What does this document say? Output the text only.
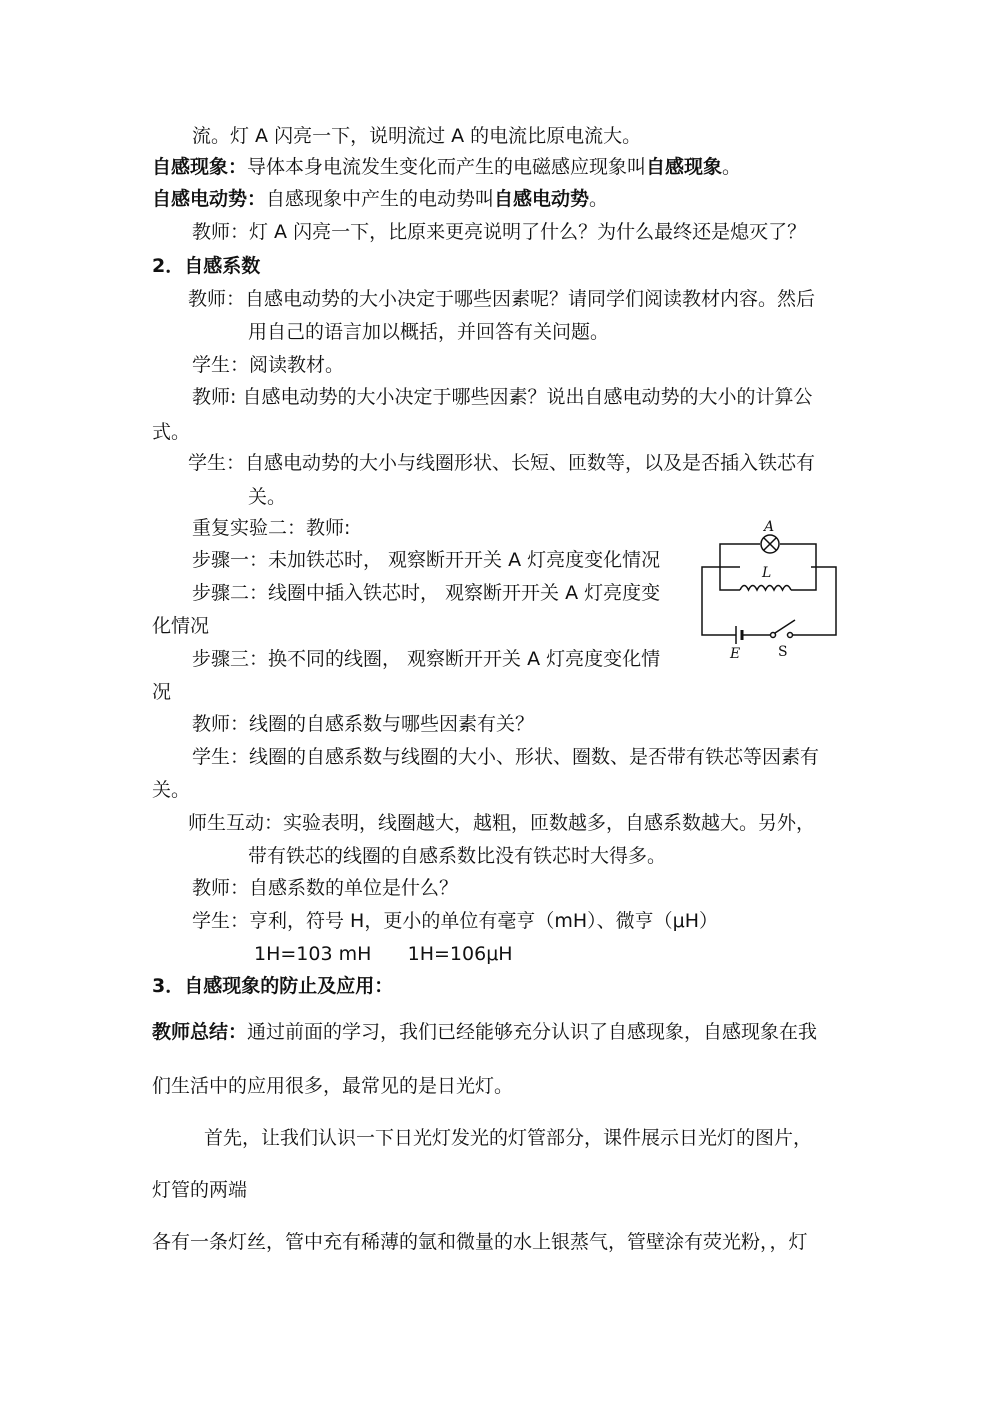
流。灯 A 闪亮一下，说明流过 A 的电流比原电流大。
自感现象：导体本身电流发生变化而产生的电磁感应现象叫自感现象。
自感电动势：自感现象中产生的电动势叫自感电动势。
教师：灯 A 闪亮一下，比原来更亮说明了什么？为什么最终还是熄灭了？
2．自感系数
教师：自感电动势的大小决定于哪些因素呢？请同学们阅读教材内容。然后
用自己的语言加以概括，并回答有关问题。
学生：阅读教材。
教师: 自感电动势的大小决定于哪些因素？说出自感电动势的大小的计算公
式。
学生：自感电动势的大小与线圈形状、长短、匝数等，以及是否插入铁芯有
关。
重复实验二：教师:
步骤一：未加铁芯时， 观察断开开关 A 灯亮度变化情况
步骤二：线圈中插入铁芯时， 观察断开开关 A 灯亮度变
化情况
步骤三：换不同的线圈， 观察断开开关 A 灯亮度变化情
况
教师：线圈的自感系数与哪些因素有关？
学生：线圈的自感系数与线圈的大小、形状、圈数、是否带有铁芯等因素有
关。
师生互动：实验表明，线圈越大，越粗，匝数越多，自感系数越大。另外，
带有铁芯的线圈的自感系数比没有铁芯时大得多。
教师：自感系数的单位是什么？
学生：亨利，符号 H，更小的单位有毫亨（mH）、微亨（μH）
1H=103 mH      1H=106μH
3．自感现象的防止及应用：
教师总结：通过前面的学习，我们已经能够充分认识了自感现象，自感现象在我
们生活中的应用很多，最常见的是日光灯。
首先，让我们认识一下日光灯发光的灯管部分，课件展示日光灯的图片，
灯管的两端
各有一条灯丝，管中充有稀薄的氩和微量的水上银蒸气，管壁涂有荧光粉，，灯
A
L
E	S
